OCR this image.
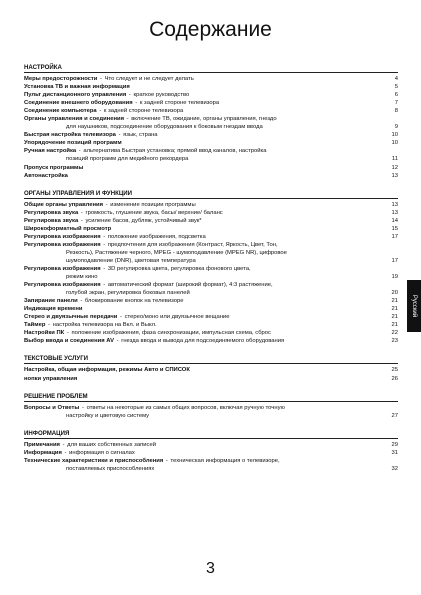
Содержание
НАСТРОЙКА
Меры предосторожности - Что следует и не следует делать	4
Установка ТВ и важная информация	5
Пульт дистанционного управления - краткое руководство	6
Соединение внешнего оборудования - к задней стороне телевизора	7
Соединение компьютера - к задней стороне телевизора	8
Органы управления и соединения - включение ТВ, ожидание, органы управления, гнездо
для наушников, подсоединение оборудования к боковым гнездам ввода	9
Быстрая настройка телевизора - язык, страна	10
Упорядочение позиций программ	10
Ручная настройка - альтернатива Быстрая установка; прямой ввод каналов, настройка
позиций программ для медийного рекордера	11
Пропуск программы	12
Автонастройка	13
ОРГАНЫ УПРАВЛЕНИЯ И ФУНКЦИИ
Общие органы управления - изменение позиции программы	13
Регулировка звука - громкость, глушение звука, басы/ верхние/ баланс	13
Регулировка звука - усиление басов, дубляж, устойчивый звук*	14
Широкоформатный просмотр	15
Регулировка изображения - положение изображения, подсветка	17
Регулировка изображения - предпочтения для изображения (Контраст, Яркость, Цвет, Тон,
Резкость), Растяжение черного, MPEG - шумоподавление (MPEG NR), цифровое
шумоподавление (DNR), цветовая температура	17
Регулировка изображения - 3D регулировка цвета, регулировка фонового цвета,
режим кино	19
Регулировка изображения - автоматический формат (широкий формат), 4:3 растяжение,
голубой экран, регулировка боковых панелей	20
Запирание панели - блокирование кнопок на телевизоре	21
Индикация времени	21
Стерео и двуязычные передачи - стерео/моно или двуязычное вещание	21
Таймер - настройка телевизора на Вкл. и Выкл.	21
Настройки ПК - положение изображения, фаза синхронизации, импульсная схема, сброс	22
Выбор ввода и соединения AV - гнезда ввода и вывода для подсоединяемого оборудования	23
ТЕКСТОВЫЕ УСЛУГИ
Настройка, общая информация, режимы Авто и СПИСОК	25
нопки управления	26
РЕШЕНИЕ ПРОБЛЕМ
Вопросы и Ответы - ответы на некоторые из самых общих вопросов, включая ручную точную
настройку и цветовую систему	27
ИНФОРМАЦИЯ
Примечания - для ваших собственных записей	29
Информация - информация о сигналах	31
Технические характеристики и приспособления - техническая информация о телевизоре,
поставляемых приспособлениях	32
Русский
3
